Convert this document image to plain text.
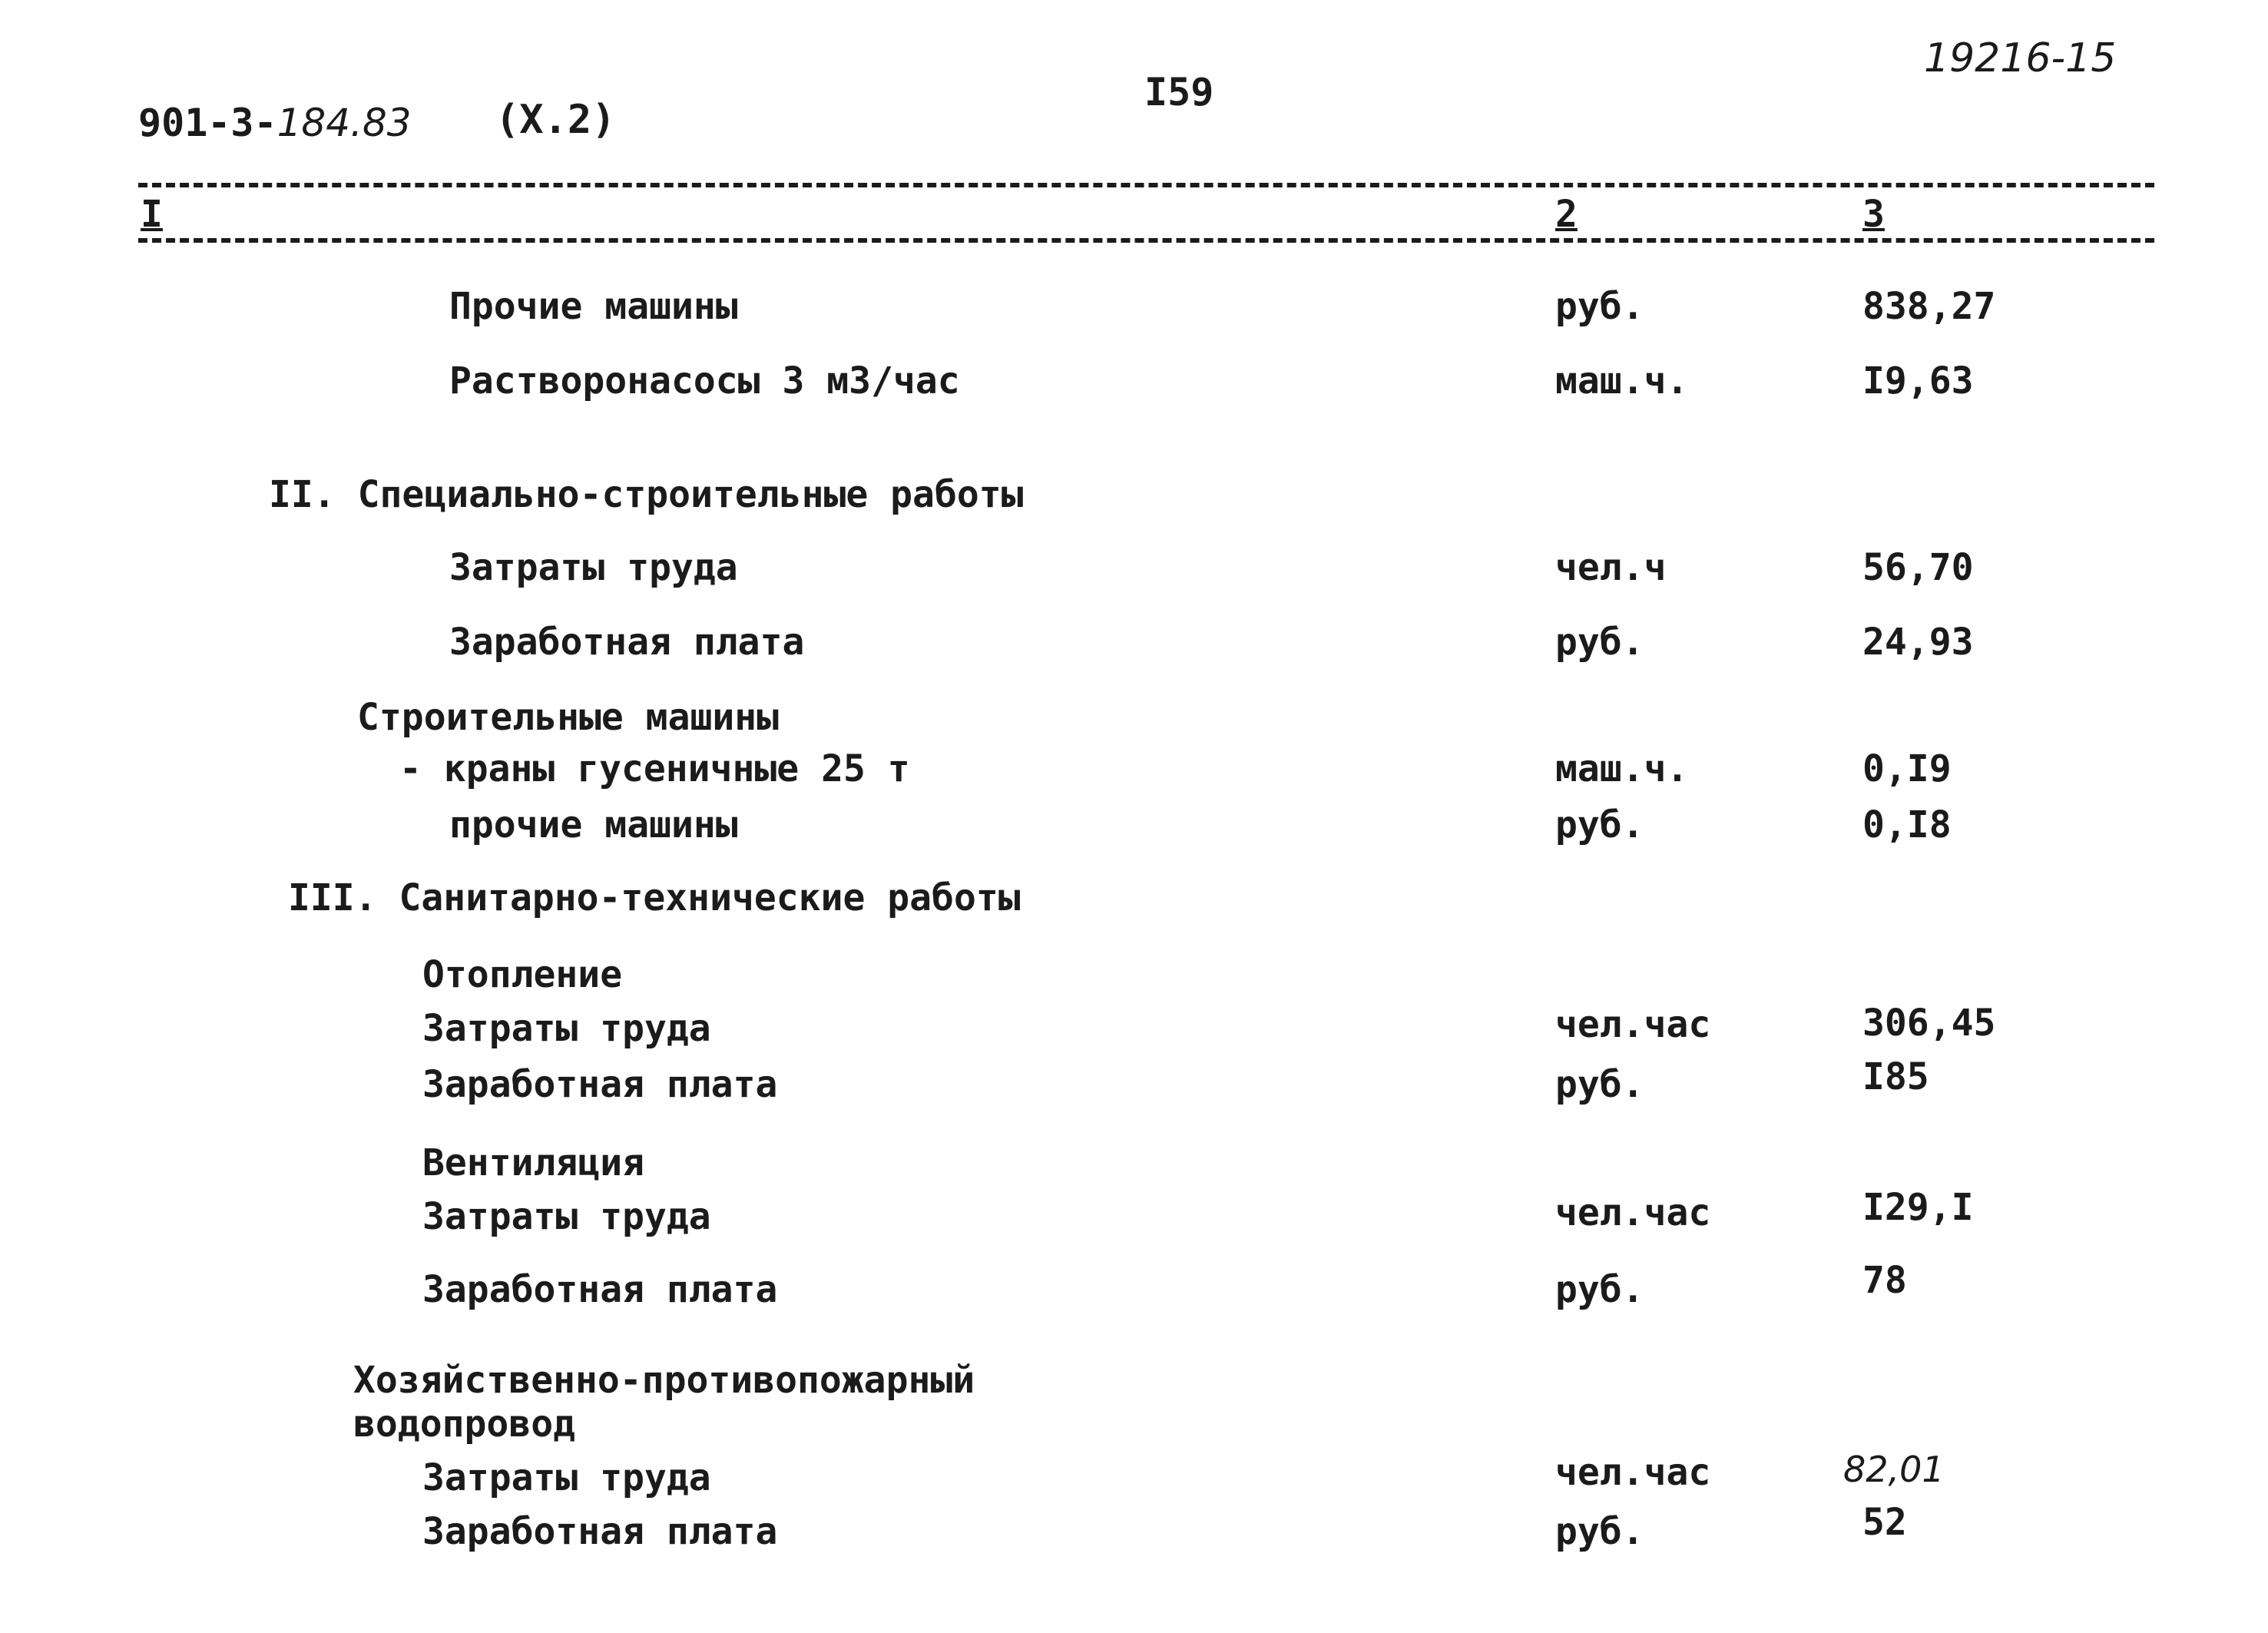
901-3-184.83 (Х.2)
I59
19216-15
I	2	3
Прочие машины	руб.	838,27
Растворонасосы 3 м3/час	маш.ч.	I9,63
II. Специально-строительные работы
Затраты труда	чел.ч	56,70
Заработная плата	руб.	24,93
Строительные машины
- краны гусеничные 25 т	маш.ч.	0,I9
прочие машины	руб.	0,I8
III. Санитарно-технические работы
Отопление
Затраты труда	чел.час	306,45
Заработная плата	руб.	I85
Вентиляция
Затраты труда	чел.час	I29,I
Заработная плата	руб.	78
Хозяйственно-противопожарный
водопровод
Затраты труда	чел.час	82,01
Заработная плата	руб.	52
